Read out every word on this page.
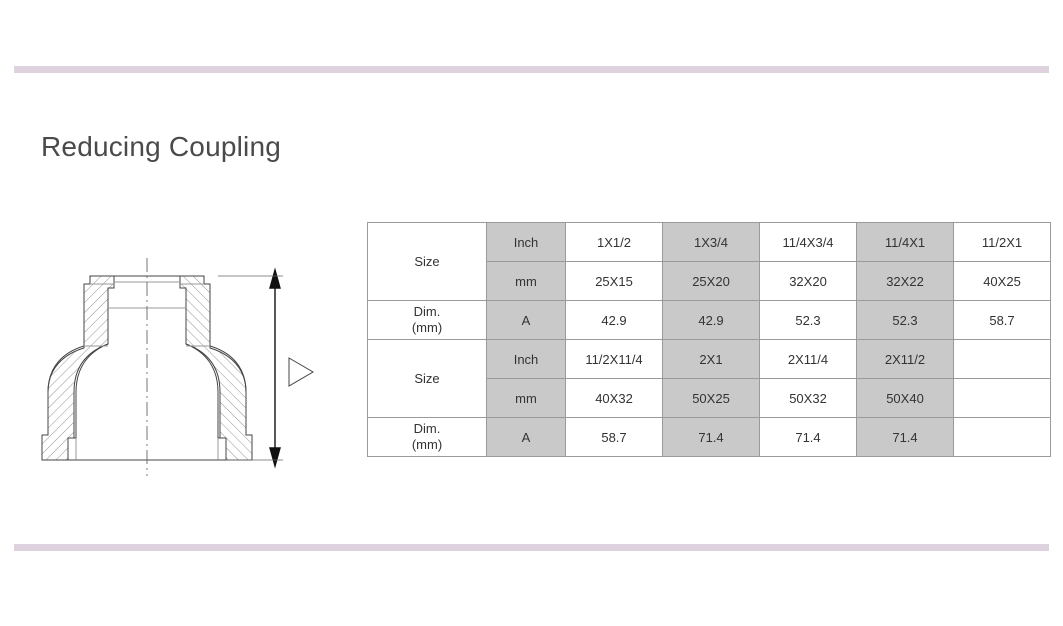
Reducing Coupling
Size	Inch	1X1/2	1X3/4	11/4X3/4	11/4X1	11/2X1
	mm	25X15	25X20	32X20	32X22	40X25
Dim.
(mm)	A	42.9	42.9	52.3	52.3	58.7
Size	Inch	11/2X11/4	2X1	2X11/4	2X11/2	
	mm	40X32	50X25	50X32	50X40	
Dim.
(mm)	A	58.7	71.4	71.4	71.4	
